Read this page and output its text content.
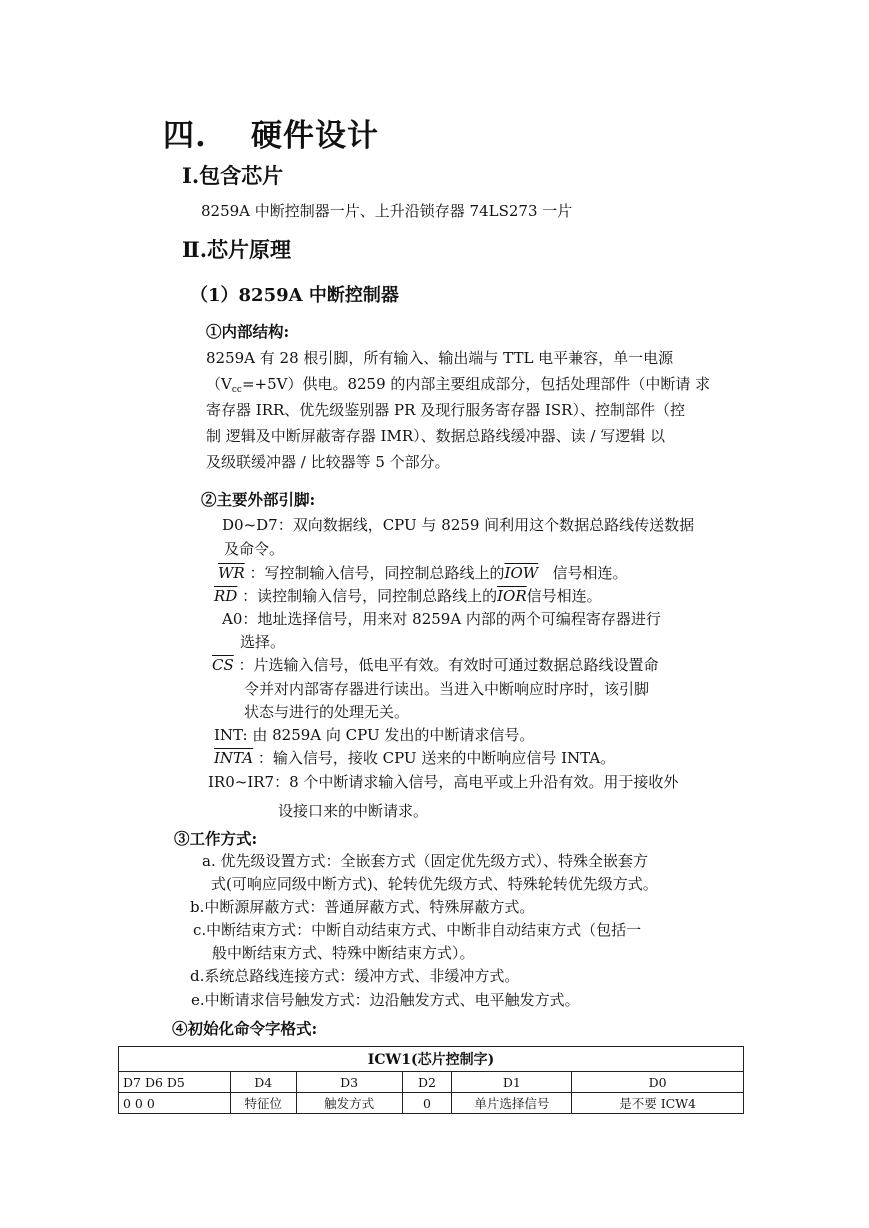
四. 硬件设计
Ⅰ.包含芯片
8259A 中断控制器一片、上升沿锁存器 74LS273 一片
Ⅱ.芯片原理
（1）8259A 中断控制器
①内部结构:
8259A 有 28 根引脚，所有输入、输出端与 TTL 电平兼容，单一电源
$(V_{cc}=+5V)$供电。8259 的内部主要组成部分，包括处理部件（中断请 求
寄存器 IRR、优先级鉴别器 PR 及现行服务寄存器 ISR）、控制部件（控
制 逻辑及中断屏蔽寄存器 IMR）、数据总路线缓冲器、读 / 写逻辑 以
及级联缓冲器 / 比较器等 5 个部分。
②主要外部引脚:
D0~D7：双向数据线，CPU 与 8259 间利用这个数据总路线传送数据
及命令。
$\overline{WR}$ ：写控制输入信号，同控制总路线上的$\overline{IOW}$ 信号相连。
$\overline{RD}$ ：读控制输入信号，同控制总路线上的$\overline{IOR}$信号相连。
A0：地址选择信号，用来对 8259A 内部的两个可编程寄存器进行
选择。
$\overline{CS}$ ：片选输入信号，低电平有效。有效时可通过数据总路线设置命
令并对内部寄存器进行读出。当进入中断响应时序时，该引脚
状态与进行的处理无关。
INT: 由 8259A 向 CPU 发出的中断请求信号。
INTA ：输入信号，接收 CPU 送来的中断响应信号 INTA。
IR0~IR7：8 个中断请求输入信号，高电平或上升沿有效。用于接收外
设接口来的中断请求。
③工作方式:
a. 优先级设置方式：全嵌套方式（固定优先级方式）、特殊全嵌套方
式(可响应同级中断方式)、轮转优先级方式、特殊轮转优先级方式。
b.中断源屏蔽方式：普通屏蔽方式、特殊屏蔽方式。
c.中断结束方式：中断自动结束方式、中断非自动结束方式（包括一
般中断结束方式、特殊中断结束方式）。
d.系统总路线连接方式：缓冲方式、非缓冲方式。
e.中断请求信号触发方式：边沿触发方式、电平触发方式。
④初始化命令字格式:
ICW1(芯片控制字)					
D7 D6 D5	D4	D3	D2	D1	D0
0 0 0	特征位	触发方式	0	单片选择信号	是不要 ICW4
